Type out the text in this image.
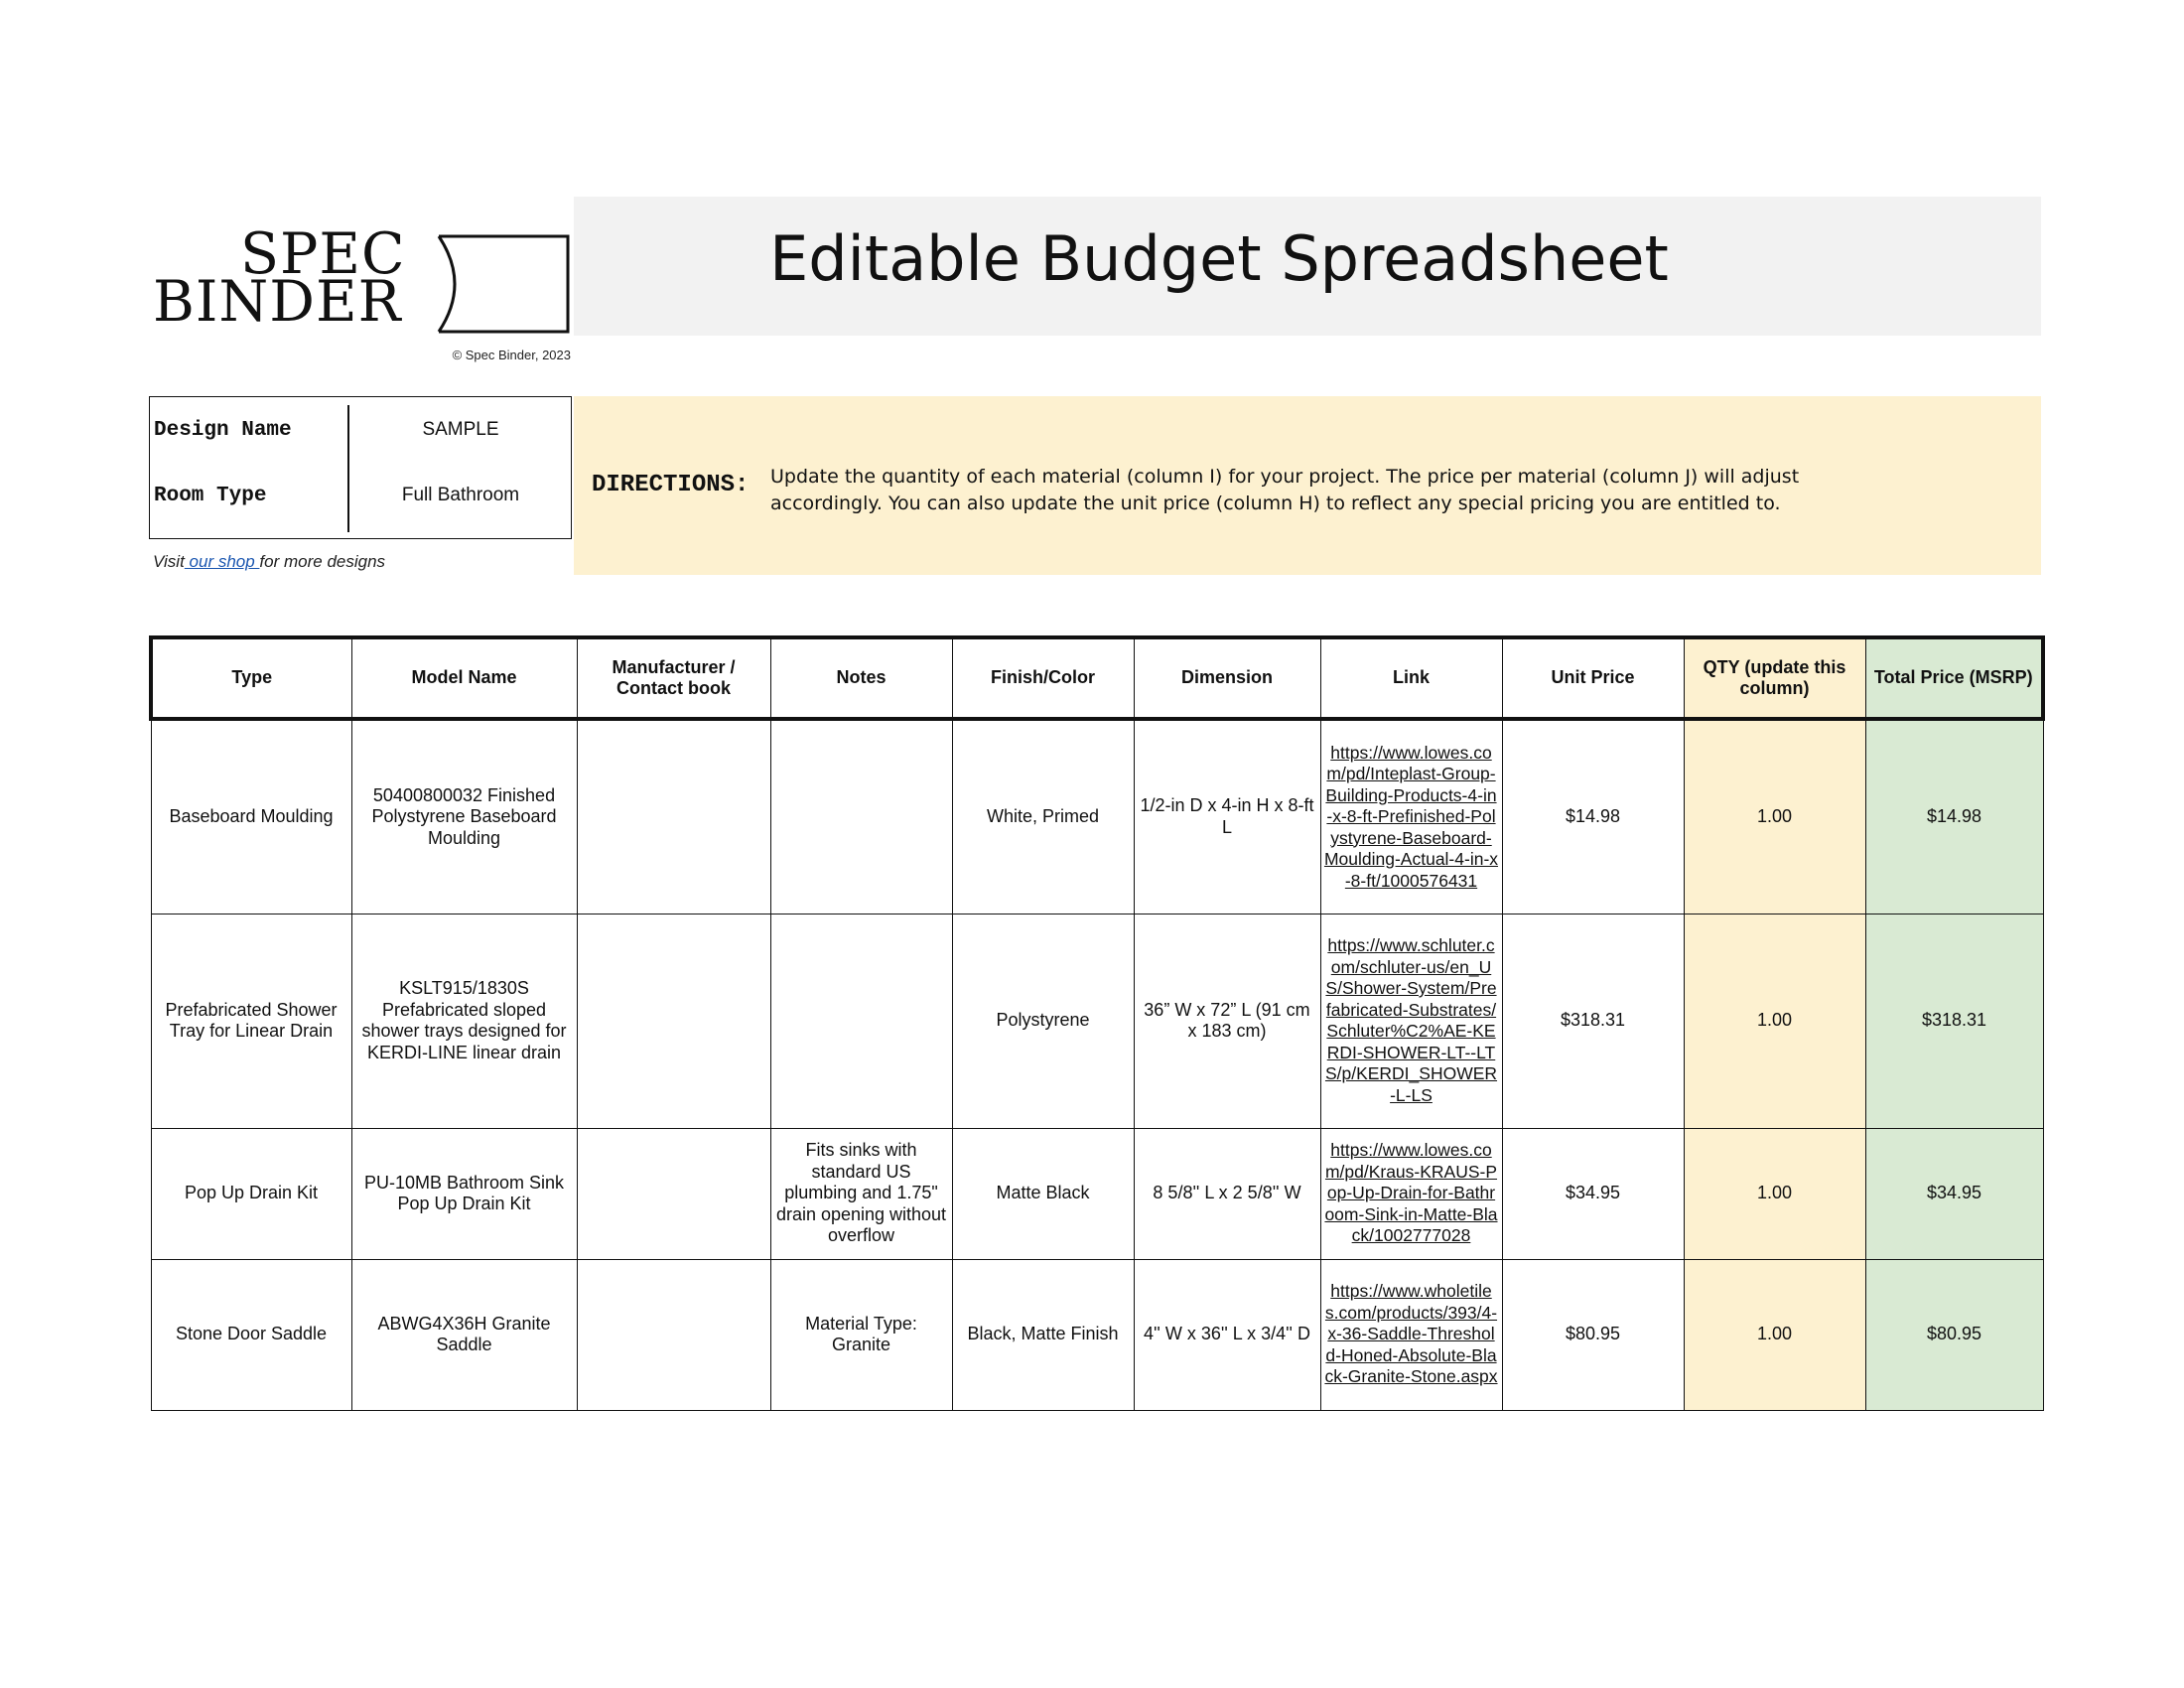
SPEC
BINDER
© Spec Binder, 2023
Editable Budget Spreadsheet
Design Name	SAMPLE
Room Type	Full Bathroom
Visit our shop for more designs
DIRECTIONS: Update the quantity of each material (column I) for your project. The price per material (column J) will adjust accordingly. You can also update the unit price (column H) to reflect any special pricing you are entitled to.
Type	Model Name	Manufacturer / Contact book	Notes	Finish/Color	Dimension	Link	Unit Price	QTY (update this column)	Total Price (MSRP)
Baseboard Moulding	50400800032 Finished Polystyrene Baseboard Moulding			White, Primed	1/2-in D x 4-in H x 8-ft L	https://www.lowes.com/pd/Inteplast-Group-Building-Products-4-in-x-8-ft-Prefinished-Polystyrene-Baseboard-Moulding-Actual-4-in-x-8-ft/1000576431	$14.98	1.00	$14.98
Prefabricated Shower Tray for Linear Drain	KSLT915/1830S Prefabricated sloped shower trays designed for KERDI-LINE linear drain			Polystyrene	36” W x 72” L (91 cm x 183 cm)	https://www.schluter.com/schluter-us/en_US/Shower-System/Prefabricated-Substrates/Schluter%C2%AE-KERDI-SHOWER-LT--LTS/p/KERDI_SHOWER-L-LS	$318.31	1.00	$318.31
Pop Up Drain Kit	PU-10MB Bathroom Sink Pop Up Drain Kit		Fits sinks with standard US plumbing and 1.75" drain opening without overflow	Matte Black	8 5/8'' L x 2 5/8'' W	https://www.lowes.com/pd/Kraus-KRAUS-Pop-Up-Drain-for-Bathroom-Sink-in-Matte-Black/1002777028	$34.95	1.00	$34.95
Stone Door Saddle	ABWG4X36H Granite Saddle		Material Type: Granite	Black, Matte Finish	4'' W x 36'' L x 3/4'' D	https://www.wholetiles.com/products/393/4-x-36-Saddle-Threshold-Honed-Absolute-Black-Granite-Stone.aspx	$80.95	1.00	$80.95
